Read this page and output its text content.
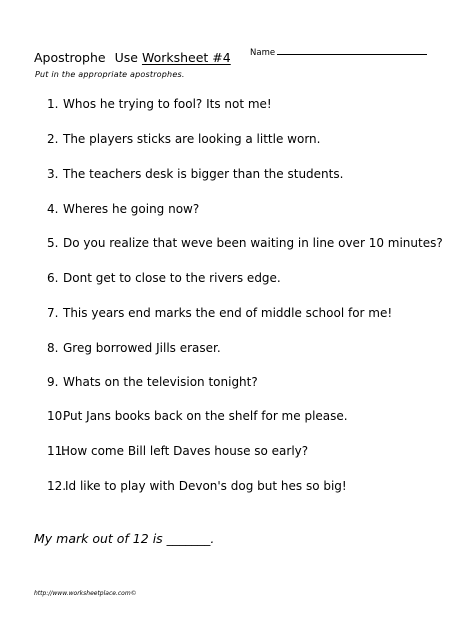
Apostrophe Use Worksheet #4 Name
Put in the appropriate apostrophes.
1. Whos he trying to fool? Its not me!
2. The players sticks are looking a little worn.
3. The teachers desk is bigger than the students.
4. Wheres he going now?
5. Do you realize that weve been waiting in line over 10 minutes?
6. Dont get to close to the rivers edge.
7. This years end marks the end of middle school for me!
8. Greg borrowed Jills eraser.
9. Whats on the television tonight?
10.Put Jans books back on the shelf for me please.
11.How come Bill left Daves house so early?
12.Id like to play with Devon's dog but hes so big!
My mark out of 12 is _______.
http://www.worksheetplace.com©
